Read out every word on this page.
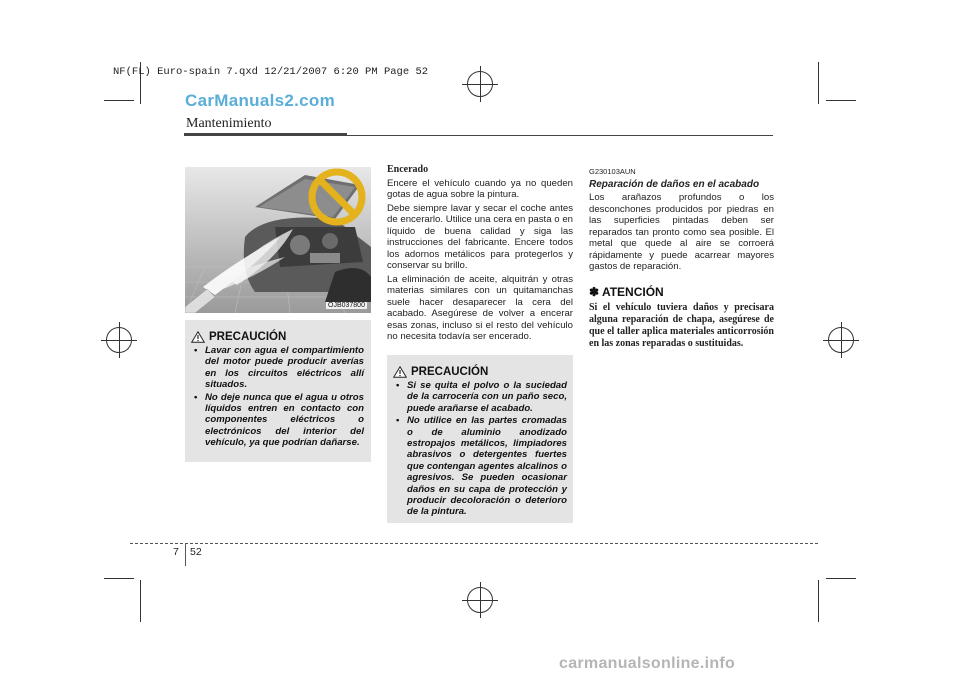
NF(FL) Euro-spain 7.qxd 12/21/2007 6:20 PM Page 52
CarManuals2.com
Mantenimiento
OJB037800
PRECAUCIÓN
• Lavar con agua el compartimiento del motor puede producir averías en los circuitos eléctricos allí situados.
• No deje nunca que el agua u otros líquidos entren en contacto con componentes eléctricos o electrónicos del interior del vehículo, ya que podrían dañarse.
Encerado

Encere el vehículo cuando ya no queden gotas de agua sobre la pintura.

Debe siempre lavar y secar el coche antes de encerarlo. Utilice una cera en pasta o en líquido de buena calidad y siga las instrucciones del fabricante. Encere todos los adornos metálicos para protegerlos y conservar su brillo.

La eliminación de aceite, alquitrán y otras materias similares con un quitamanchas suele hacer desaparecer la cera del acabado. Asegúrese de volver a encerar esas zonas, incluso si el resto del vehículo no necesita todavía ser encerado.

PRECAUCIÓN
• Si se quita el polvo o la suciedad de la carrocería con un paño seco, puede arañarse el acabado.
• No utilice en las partes cromadas o de aluminio anodizado estropajos metálicos, limpiadores abrasivos o detergentes fuertes que contengan agentes alcalinos o agresivos. Se pueden ocasionar daños en su capa de protección y producir decoloración o deterioro de la pintura.
G230103AUN
Reparación de daños en el acabado

Los arañazos profundos o los desconchones producidos por piedras en las superficies pintadas deben ser reparados tan pronto como sea posible. El metal que quede al aire se corroerá rápidamente y puede acarrear mayores gastos de reparación.

✽ ATENCIÓN
Si el vehículo tuviera daños y precisara alguna reparación de chapa, asegúrese de que el taller aplica materiales anticorrosión en las zonas reparadas o sustituidas.
7 52
carmanualsonline.info
